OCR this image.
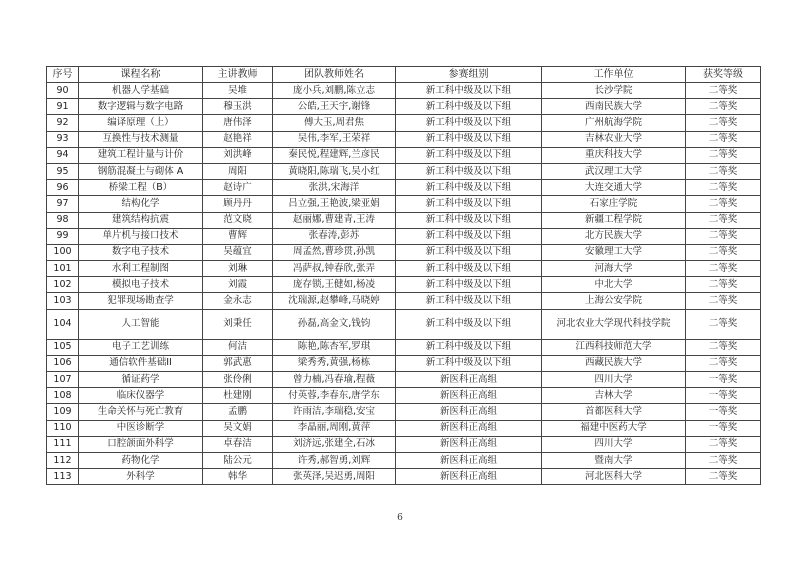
序号	课程名称	主讲教师	团队教师姓名	参赛组别	工作单位	获奖等级
90	机器人学基础	吴堆	庞小兵,刘鹏,陈立志	新工科中级及以下组	长沙学院	二等奖
91	数字逻辑与数字电路	穆玉洪	公皓,王天宇,谢锋	新工科中级及以下组	西南民族大学	二等奖
92	编译原理（上）	唐伟泽	傅大玉,周君焦	新工科中级及以下组	广州航海学院	二等奖
93	互换性与技术测量	赵艳祥	吴伟,李军,王荣祥	新工科中级及以下组	吉林农业大学	二等奖
94	建筑工程计量与计价	刘洪峰	秦民悦,程建辉,兰彦民	新工科中级及以下组	重庆科技大学	二等奖
95	钢筋混凝土与砌体 A	周阳	黄晓阳,陈瑞飞,吴小红	新工科中级及以下组	武汉理工大学	二等奖
96	桥梁工程（B）	赵诗广	张洪,宋海洋	新工科中级及以下组	大连交通大学	二等奖
97	结构化学	顾丹丹	吕立强,王艳波,梁亚娟	新工科中级及以下组	石家庄学院	二等奖
98	建筑结构抗震	范文晓	赵丽娜,曹建青,王涛	新工科中级及以下组	新疆工程学院	二等奖
99	单片机与接口技术	曹辉	张春涛,彭苏	新工科中级及以下组	北方民族大学	二等奖
100	数字电子技术	吴蕴宜	周孟然,曹珍贯,孙凯	新工科中级及以下组	安徽理工大学	二等奖
101	水利工程制图	刘琳	冯萨叔,钟春欣,张弄	新工科中级及以下组	河海大学	二等奖
102	模拟电子技术	刘霞	庞存锁,王健如,杨凌	新工科中级及以下组	中北大学	二等奖
103	犯罪现场勘查学	金永志	沈瑞源,赵攀峰,马晓婷	新工科中级及以下组	上海公安学院	二等奖
104	人工智能	刘秉任	孙磊,高金文,钱钧	新工科中级及以下组	河北农业大学现代科技学院	二等奖
105	电子工艺训练	何洁	陈艳,陈杏军,罗琪	新工科中级及以下组	江西科技师范大学	二等奖
106	通信软件基础II	郭武惠	梁秀秀,黄强,杨栋	新工科中级及以下组	西藏民族大学	二等奖
107	循证药学	张伶俐	曾力楠,冯春瑜,程薇	新医科正高组	四川大学	一等奖
108	临床仪器学	杜建刚	付英蓉,李春东,唐学东	新医科正高组	吉林大学	一等奖
109	生命关怀与死亡教育	孟鹏	许雨洁,李瑞稳,安宝	新医科正高组	首都医科大学	一等奖
110	中医诊断学	吴文娟	李晶丽,周刚,黄萍	新医科正高组	福建中医药大学	一等奖
111	口腔颌面外科学	卓春洁	刘济远,张建全,石冰	新医科正高组	四川大学	二等奖
112	药物化学	陆公元	许秀,郝智勇,刘辉	新医科正高组	暨南大学	二等奖
113	外科学	韩华	张英泽,吴迟勇,周阳	新医科正高组	河北医科大学	二等奖
6
